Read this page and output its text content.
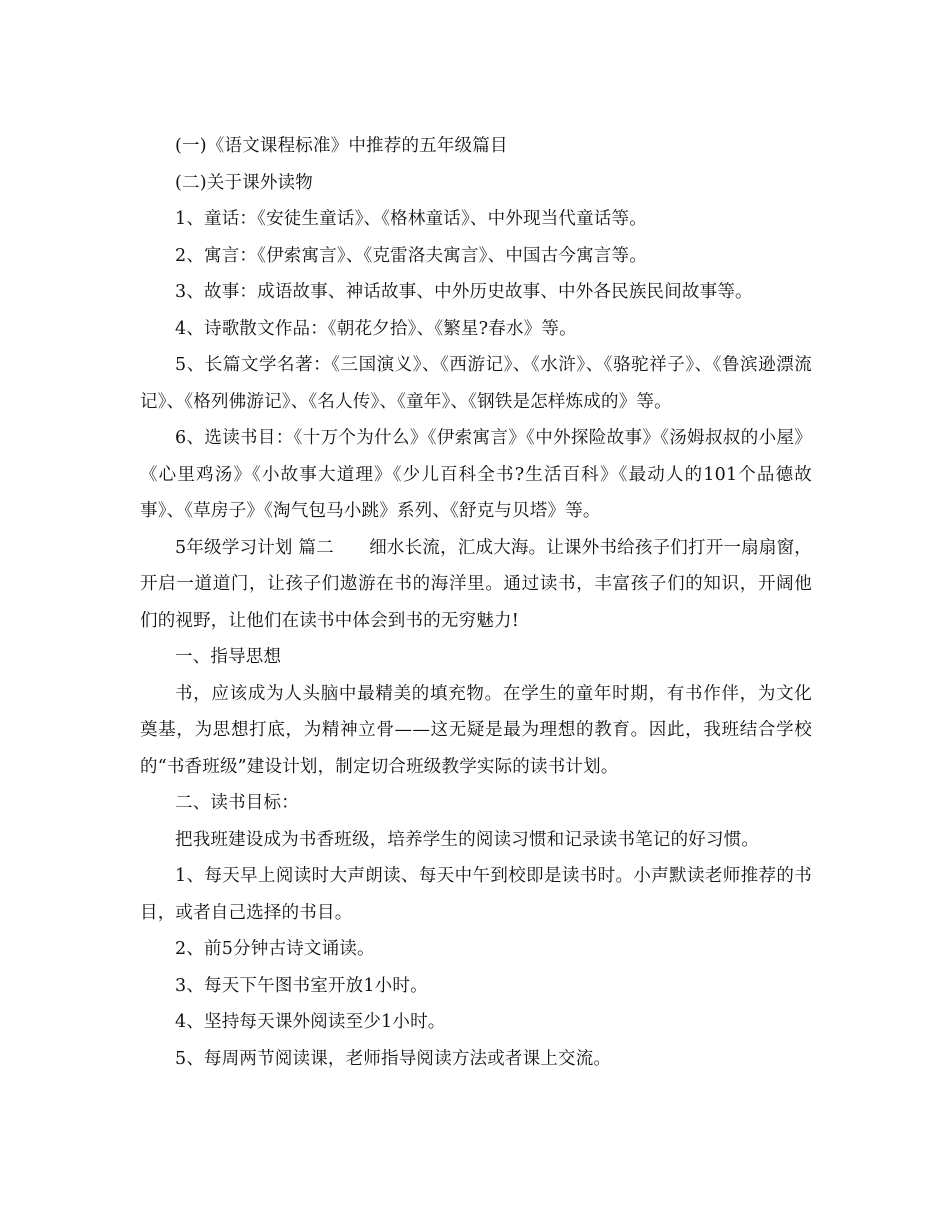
(一)《语文课程标准》中推荐的五年级篇目

(二)关于课外读物

1、童话：《安徒生童话》、《格林童话》、中外现当代童话等。

2、寓言：《伊索寓言》、《克雷洛夫寓言》、中国古今寓言等。

3、故事：成语故事、神话故事、中外历史故事、中外各民族民间故事等。

4、诗歌散文作品：《朝花夕拾》、《繁星?春水》等。

5、长篇文学名著：《三国演义》、《西游记》、《水浒》、《骆驼祥子》、《鲁滨逊漂流记》、《格列佛游记》、《名人传》、《童年》、《钢铁是怎样炼成的》等。

6、选读书目：《十万个为什么》《伊索寓言》《中外探险故事》《汤姆叔叔的小屋》《心里鸡汤》《小故事大道理》《少儿百科全书?生活百科》《最动人的101个品德故事》、《草房子》《淘气包马小跳》系列、《舒克与贝塔》等。

5年级学习计划 篇二　　细水长流，汇成大海。让课外书给孩子们打开一扇扇窗，开启一道道门，让孩子们遨游在书的海洋里。通过读书，丰富孩子们的知识，开阔他们的视野，让他们在读书中体会到书的无穷魅力!

一、指导思想

书，应该成为人头脑中最精美的填充物。在学生的童年时期，有书作伴，为文化奠基，为思想打底，为精神立骨——这无疑是最为理想的教育。因此，我班结合学校的“书香班级”建设计划，制定切合班级教学实际的读书计划。

二、读书目标：

把我班建设成为书香班级，培养学生的阅读习惯和记录读书笔记的好习惯。

1、每天早上阅读时大声朗读、每天中午到校即是读书时。小声默读老师推荐的书目，或者自己选择的书目。

2、前5分钟古诗文诵读。

3、每天下午图书室开放1小时。

4、坚持每天课外阅读至少1小时。

5、每周两节阅读课，老师指导阅读方法或者课上交流。
